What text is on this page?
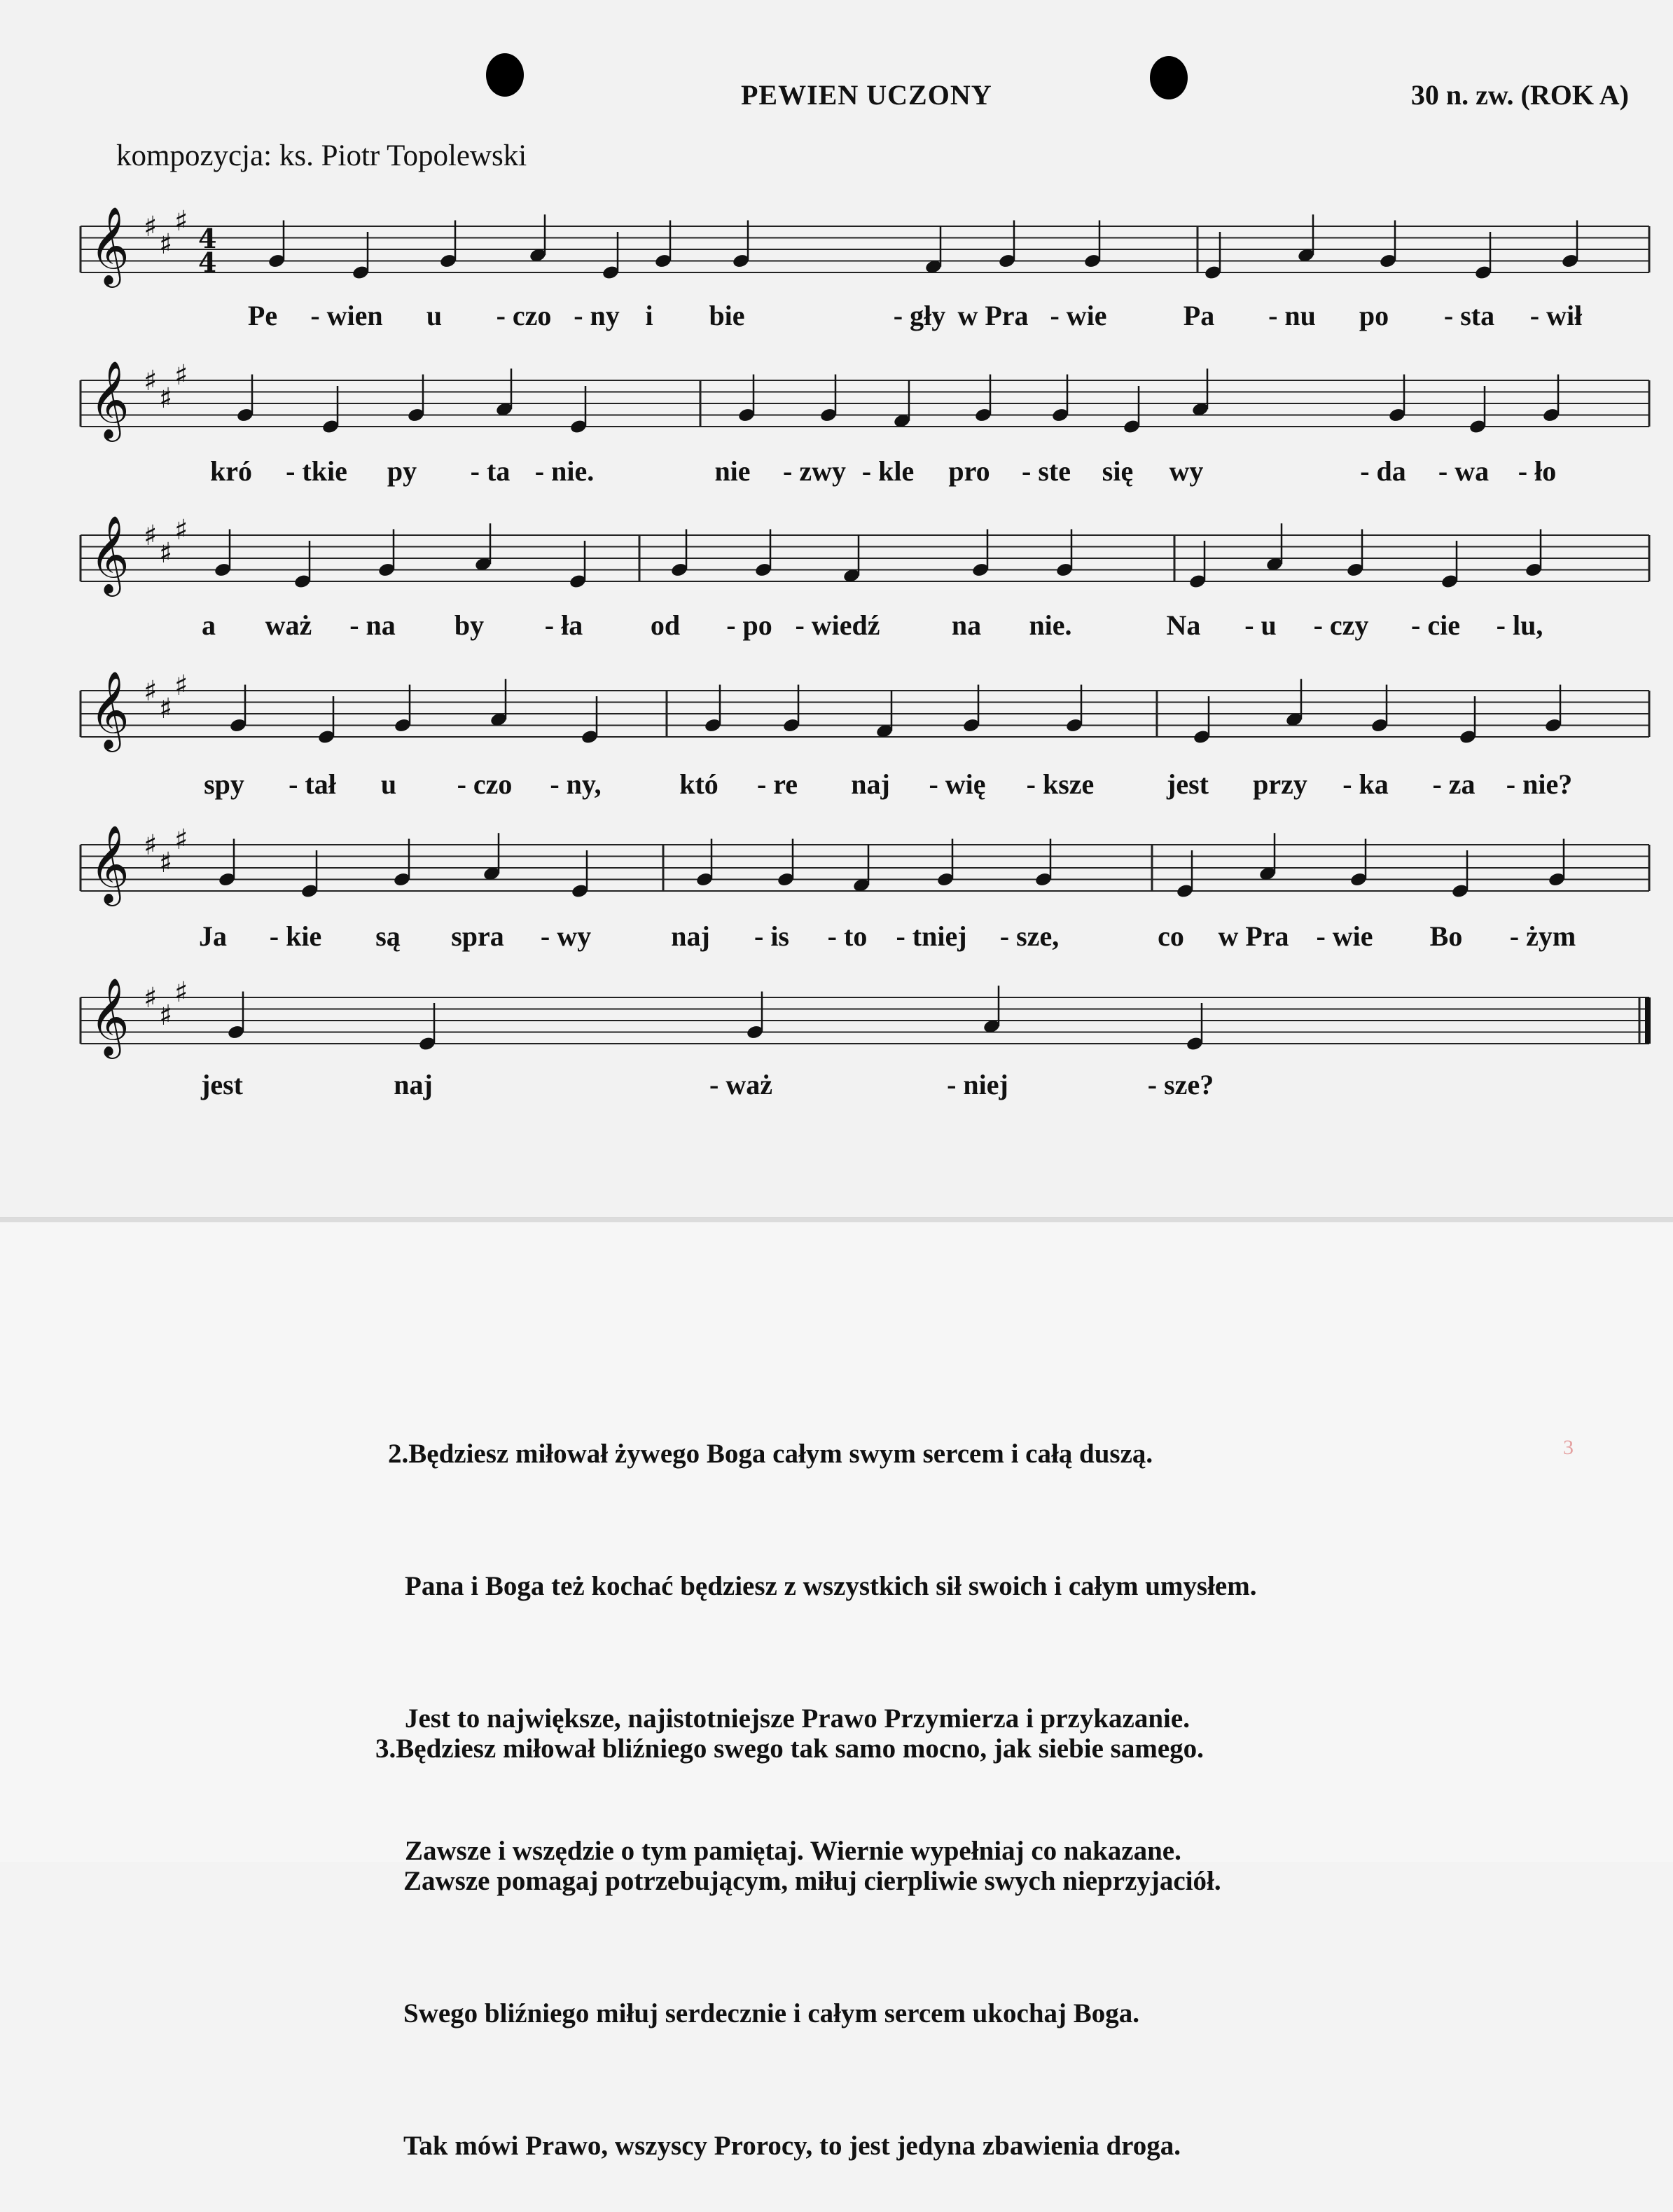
PEWIEN UCZONY	30 n. zw. (ROK A)
kompozycja: ks. Piotr Topolewski
𝄞 ♯
♯
♯
4
4
Pe - wien u - czo - ny i bie	- gły w Pra - wie	Pa - nu po - sta - wił
𝄞 ♯
♯
♯
kró - tkie py - ta - nie.	nie - zwy - kle pro - ste się wy	- da - wa - ło
𝄞 ♯
♯
♯
a waż - na by - ła od - po - wiedź	na nie.	Na - u - czy - cie - lu,
𝄞 ♯
♯
♯
spy - tał u - czo - ny,	któ - re naj - wię - ksze	jest przy - ka - za - nie?
𝄞 ♯
♯
♯
Ja - kie są spra - wy	naj - is - to - tniej - sze,	co w Pra - wie Bo - żym
𝄞 ♯
♯
♯
jest	naj	- waż	- niej	- sze?

2.Będziesz miłował żywego Boga całym swym sercem i całą duszą.

Pana i Boga też kochać będziesz z wszystkich sił swoich i całym umysłem.

Jest to największe, najistotniejsze Prawo Przymierza i przykazanie.

Zawsze i wszędzie o tym pamiętaj. Wiernie wypełniaj co nakazane.

3.Będziesz miłował bliźniego swego tak samo mocno, jak siebie samego.

Zawsze pomagaj potrzebującym, miłuj cierpliwie swych nieprzyjaciół.

Swego bliźniego miłuj serdecznie i całym sercem ukochaj Boga.

Tak mówi Prawo, wszyscy Prorocy, to jest jedyna zbawienia droga.

3
